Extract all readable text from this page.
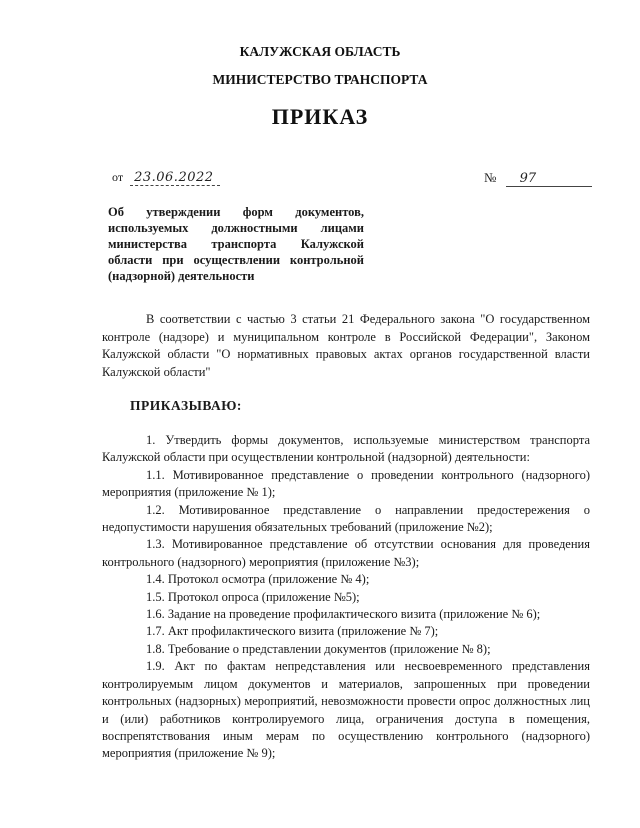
КАЛУЖСКАЯ ОБЛАСТЬ
МИНИСТЕРСТВО ТРАНСПОРТА
ПРИКАЗ
от 23.06.2022	№ 97
Об утверждении форм документов, используемых должностными лицами министерства транспорта Калужской области при осуществлении контрольной (надзорной) деятельности
В соответствии с частью 3 статьи 21 Федерального закона "О государственном контроле (надзоре) и муниципальном контроле в Российской Федерации", Законом Калужской области "О нормативных правовых актах органов государственной власти Калужской области"
ПРИКАЗЫВАЮ:

1. Утвердить формы документов, используемые министерством транспорта Калужской области при осуществлении контрольной (надзорной) деятельности:

1.1. Мотивированное представление о проведении контрольного (надзорного) мероприятия (приложение № 1);

1.2. Мотивированное представление о направлении предостережения о недопустимости нарушения обязательных требований (приложение №2);

1.3. Мотивированное представление об отсутствии основания для проведения контрольного (надзорного) мероприятия (приложение №3);

1.4. Протокол осмотра (приложение № 4);

1.5. Протокол опроса (приложение №5);

1.6. Задание на проведение профилактического визита (приложение № 6);

1.7. Акт профилактического визита (приложение № 7);

1.8. Требование о представлении документов (приложение № 8);

1.9. Акт по фактам непредставления или несвоевременного представления контролируемым лицом документов и материалов, запрошенных при проведении контрольных (надзорных) мероприятий, невозможности провести опрос должностных лиц и (или) работников контролируемого лица, ограничения доступа в помещения, воспрепятствования иным мерам по осуществлению контрольного (надзорного) мероприятия (приложение № 9);
